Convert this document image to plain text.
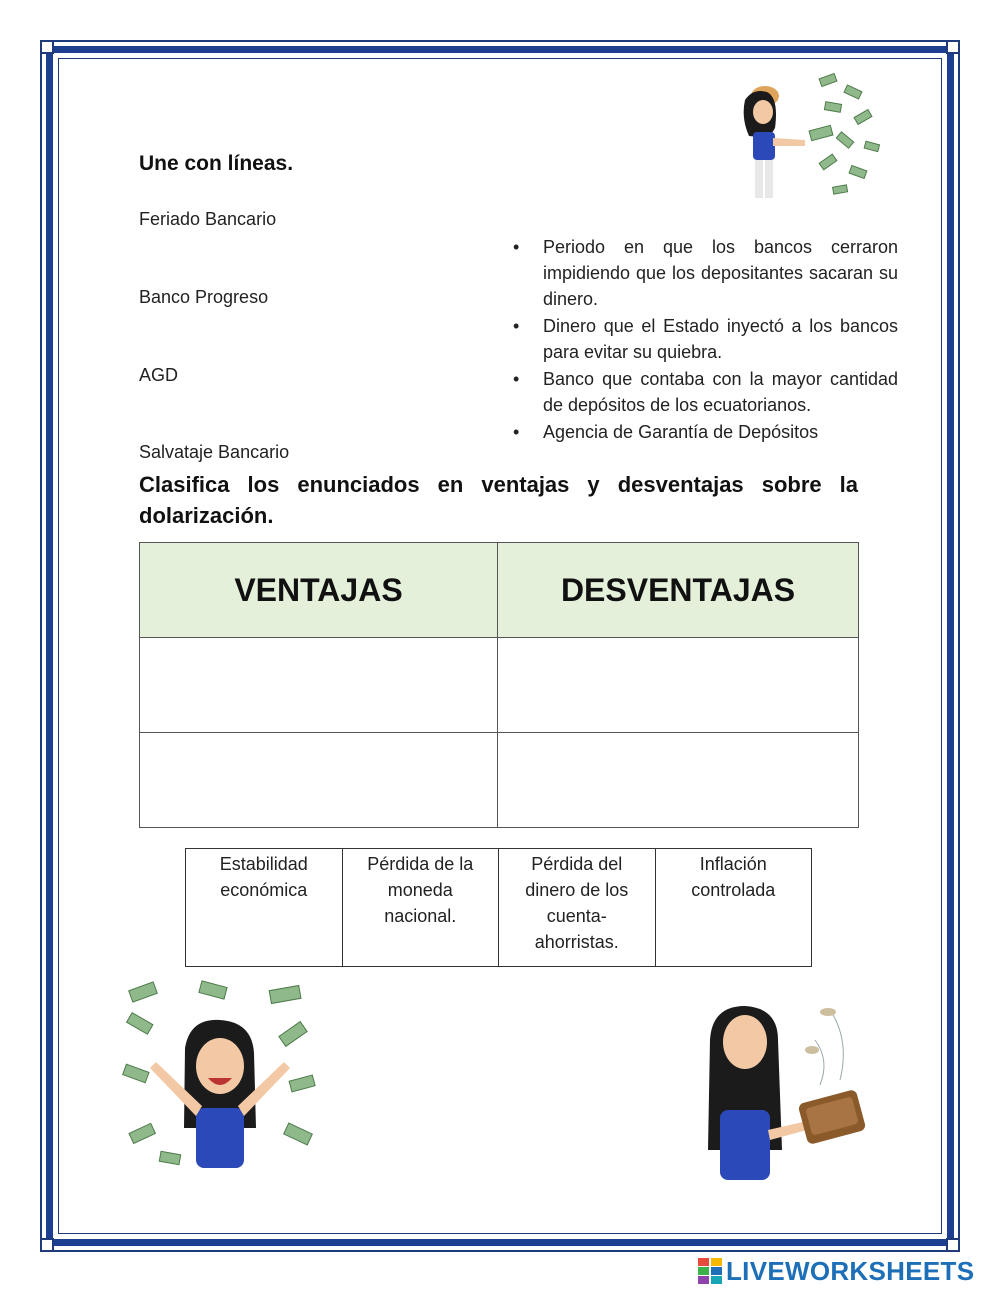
Une con líneas.
Feriado Bancario
Banco Progreso
AGD
Salvataje Bancario
• Periodo en que los bancos cerraron impidiendo que los depositantes sacaran su dinero.
• Dinero que el Estado inyectó a los bancos para evitar su quiebra.
• Banco que contaba con la mayor cantidad de depósitos de los ecuatorianos.
• Agencia de Garantía de Depósitos
Clasifica los enunciados en ventajas y desventajas sobre la dolarización.
VENTAJAS	DESVENTAJAS

Estabilidad económica	Pérdida de la moneda nacional.	Pérdida del dinero de los cuenta-ahorristas.	Inflación controlada
LIVEWORKSHEETS
